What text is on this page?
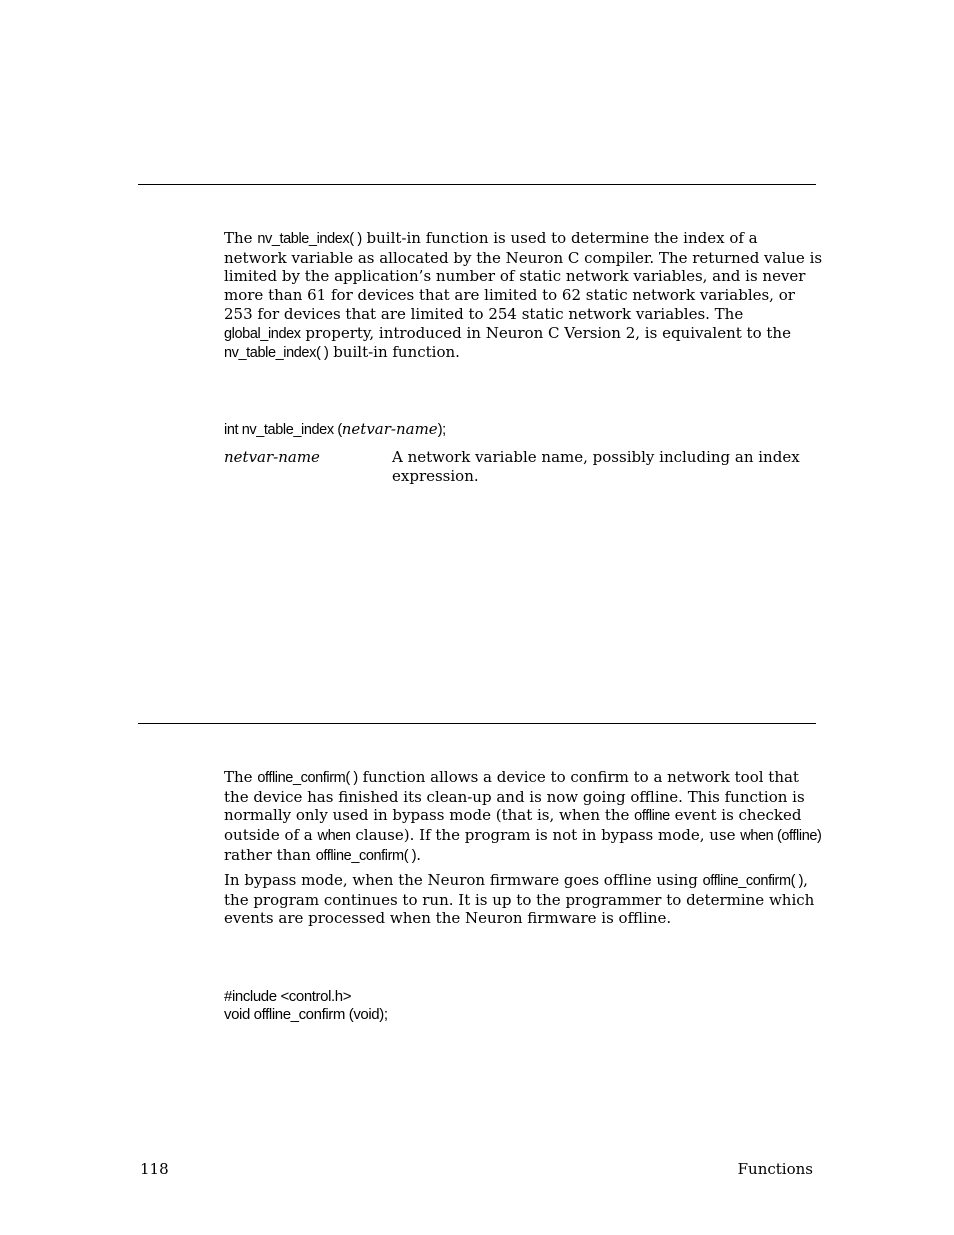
The nv_table_index( ) built-in function is used to determine the index of a network variable as allocated by the Neuron C compiler. The returned value is limited by the application’s number of static network variables, and is never more than 61 for devices that are limited to 62 static network variables, or 253 for devices that are limited to 254 static network variables. The global_index property, introduced in Neuron C Version 2, is equivalent to the nv_table_index( ) built-in function.

int nv_table_index (netvar-name);

netvar-name	A network variable name, possibly including an index expression.

The offline_confirm( ) function allows a device to confirm to a network tool that the device has finished its clean-up and is now going offline. This function is normally only used in bypass mode (that is, when the offline event is checked outside of a when clause). If the program is not in bypass mode, use when (offline) rather than offline_confirm( ).

In bypass mode, when the Neuron firmware goes offline using offline_confirm( ), the program continues to run. It is up to the programmer to determine which events are processed when the Neuron firmware is offline.

#include <control.h>

void offline_confirm (void);

118	Functions
